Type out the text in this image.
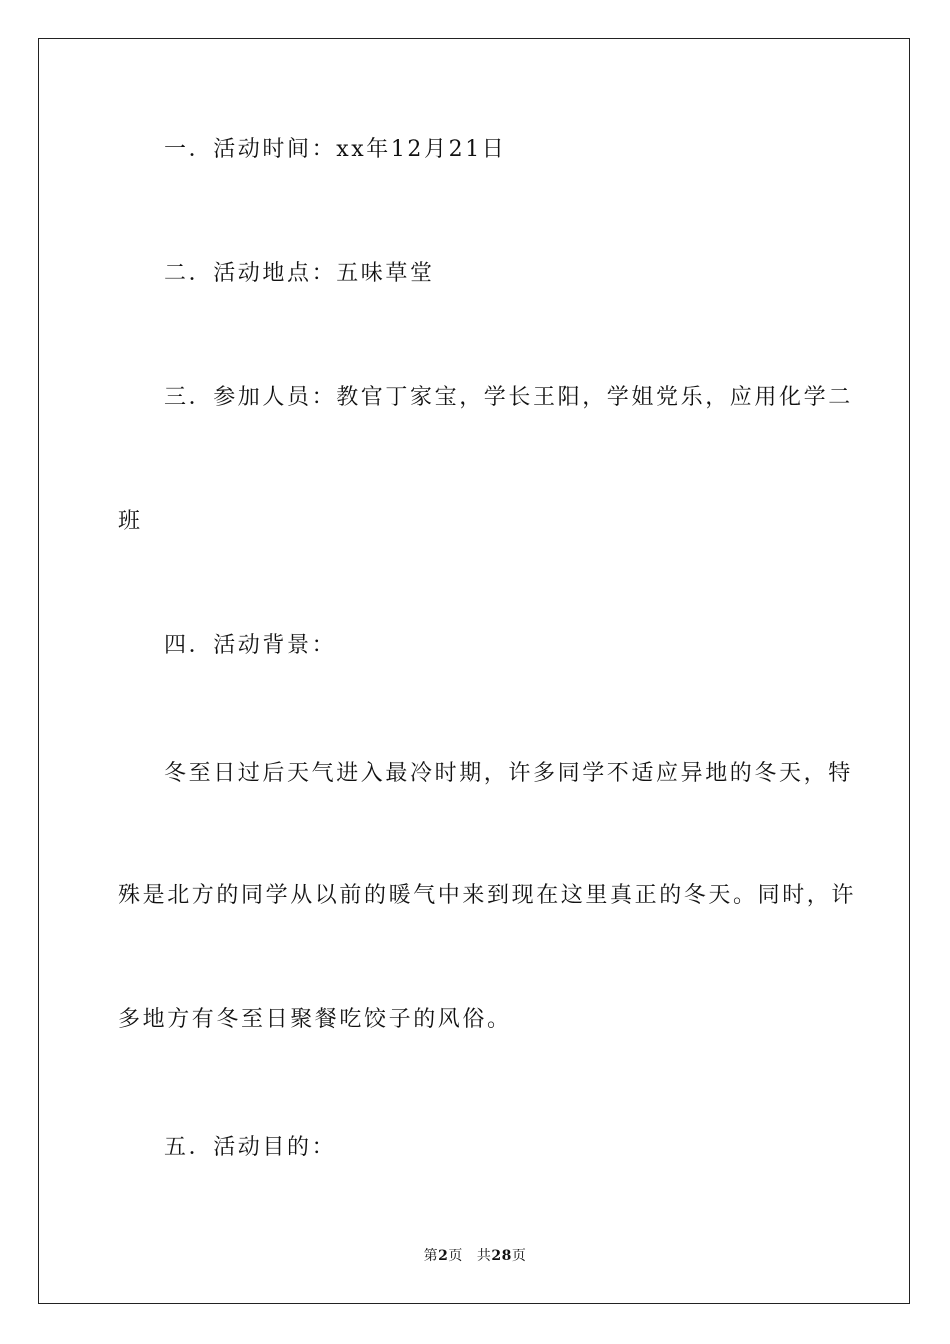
一．活动时间：xx年12月21日
二．活动地点：五味草堂
三．参加人员：教官丁家宝，学长王阳，学姐党乐，应用化学二
班
四．活动背景：
冬至日过后天气进入最冷时期，许多同学不适应异地的冬天，特
殊是北方的同学从以前的暖气中来到现在这里真正的冬天。同时，许
多地方有冬至日聚餐吃饺子的风俗。
五．活动目的：
第2页 共28页
